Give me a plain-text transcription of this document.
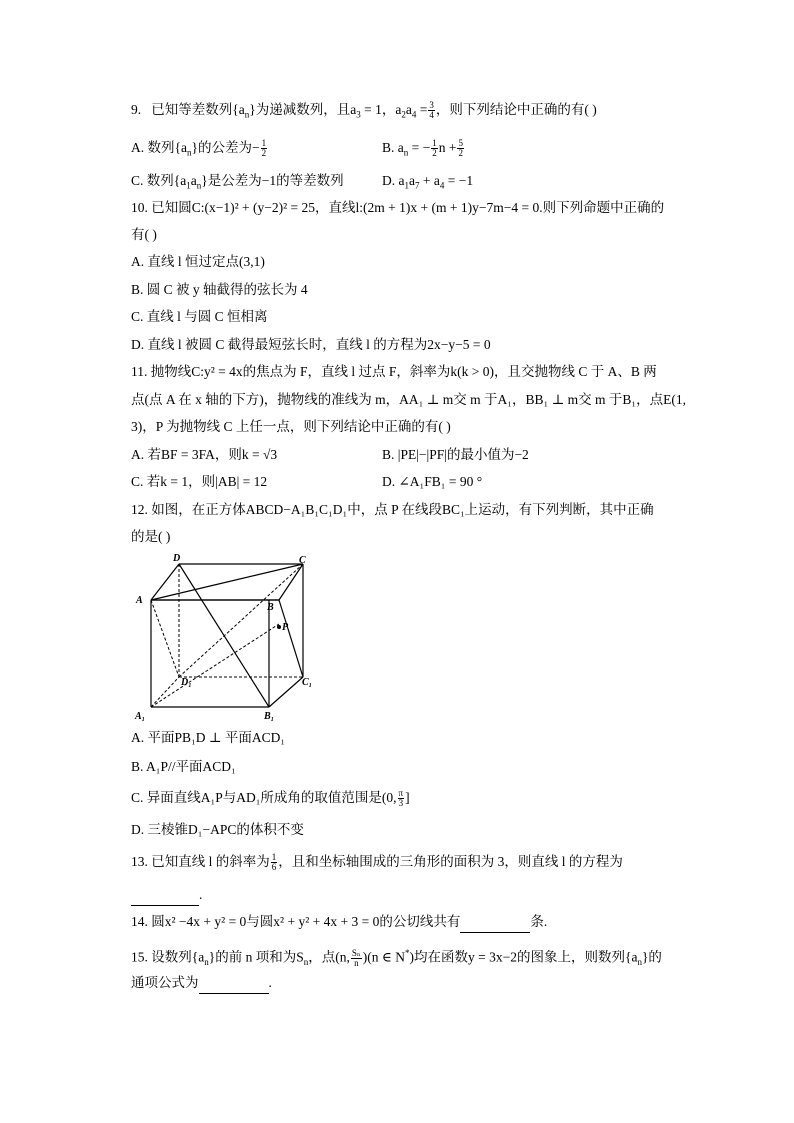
9. 已知等差数列$\{a_n\}$为递减数列，且$a_3 = 1$，$a_2a_4 = \frac{3}{4}$ ，则下列结论中正确的有( )
A. 数列$\{a_n\}$的公差为− $\frac{1}{2}$	B. $a_n$ = − $\frac{1}{2}$ $n + \frac{5}{2}$
C. 数列$\{a_1a_n\}$是公差为−1的等差数列	D. $a_1a_7 + a_4 = -1$
10. 已知圆C:(x−1)² + (y−2)² = 25，直线l:(2m + 1)x + (m + 1)y−7m−4 = 0.则下列命题中正确的
有( )
A. 直线 l 恒过定点(3,1)
B. 圆 C 被 y 轴截得的弦长为 4
C. 直线 l 与圆 C 恒相离
D. 直线 l 被圆 C 截得最短弦长时，直线 l 的方程为2x−y−5 = 0
11. 抛物线C:y² = 4x的焦点为 F，直线 l 过点 F，斜率为k(k > 0)，且交抛物线 C 于 A、B 两
点(点 A 在 x 轴的下方)，抛物线的准线为 m，AA₁ ⊥ m交 m 于A₁，BB₁ ⊥ m交 m 于B₁，点E(1,
3)，P 为抛物线 C 上任一点，则下列结论中正确的有( )
A. 若BF = 3FA，则k = √3	B. |PE|−|PF|的最小值为−2
C. 若k = 1，则|AB| = 12	D. ∠A₁FB₁ = 90 °
12. 如图，在正方体ABCD−A₁B₁C₁D₁中，点 P 在线段BC₁上运动，有下列判断，其中正确
的是( )
D	C
A
B
P
D₁	C₁
A₁	B₁
A. 平面PB₁D ⊥ 平面ACD₁
B. A₁P//平面ACD₁
C. 异面直线A₁P与AD₁所成角的取值范围是(0, $\frac{\pi}{3}$ ]
D. 三棱锥D₁−APC的体积不变
13. 已知直线 l 的斜率为 $\frac{1}{6}$ ，且和坐标轴围成的三角形的面积为 3，则直线 l 的方程为
.
14. 圆x² −4x + y² = 0与圆x² + y² + 4x + 3 = 0的公切线共有	条.
15. 设数列$\{a_n\}$的前 n 项和为$S_n$，点(n, $\frac{\text{Sₙ}}{n} )(n$ ∈ N*)均在函数y = 3x−2的图象上，则数列$\{a_n\}$的
通项公式为	.
